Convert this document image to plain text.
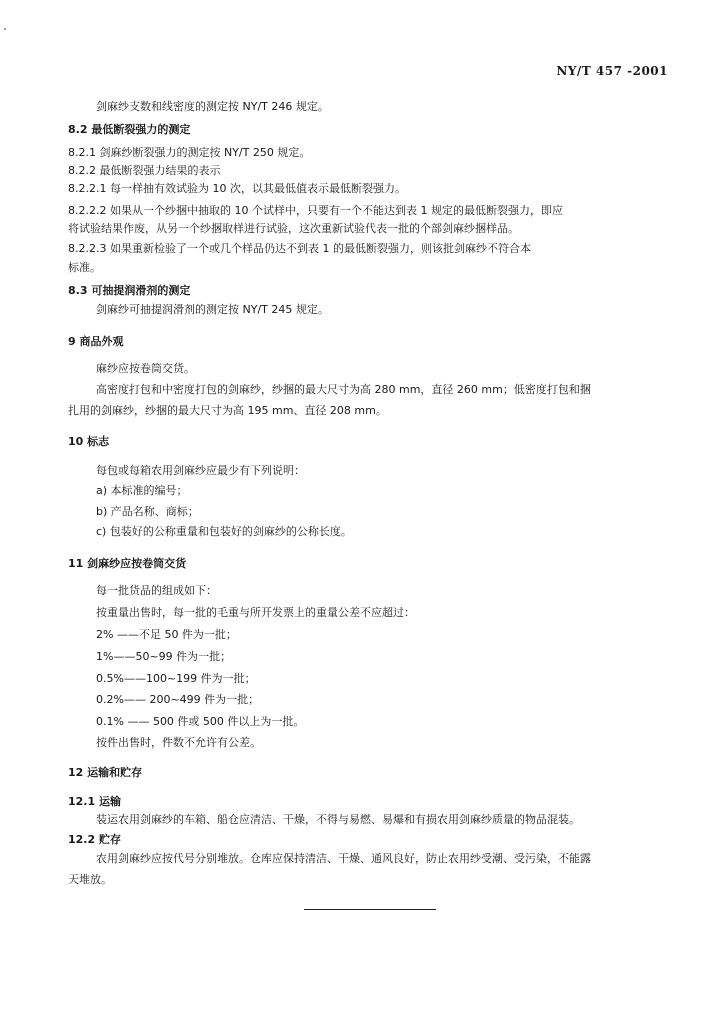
NY/T 457 -2001
剑麻纱支数和线密度的测定按 NY/T 246 规定。
8.2 最低断裂强力的测定
8.2.1 剑麻纱断裂强力的测定按 NY/T 250 规定。
8.2.2 最低断裂强力结果的表示
8.2.2.1 每一样抽有效试验为 10 次，以其最低值表示最低断裂强力。
8.2.2.2 如果从一个纱捆中抽取的 10 个试样中，只要有一个不能达到表 1 规定的最低断裂强力，即应
将试验结果作废，从另一个纱捆取样进行试验，这次重新试验代表一批的个部剑麻纱捆样品。
8.2.2.3 如果重新检验了一个或几个样品仍达不到表 1 的最低断裂强力，则该批剑麻纱不符合本
标准。
8.3 可抽提润滑剂的测定
剑麻纱可抽提润滑剂的测定按 NY/T 245 规定。
9 商品外观
麻纱应按卷筒交货。
高密度打包和中密度打包的剑麻纱，纱捆的最大尺寸为高 280 mm，直径 260 mm；低密度打包和捆
扎用的剑麻纱，纱捆的最大尺寸为高 195 mm、直径 208 mm。
10 标志
每包或每箱农用剑麻纱应最少有下列说明：
a) 本标准的编号；
b) 产品名称、商标；
c) 包装好的公称重量和包装好的剑麻纱的公称长度。
11 剑麻纱应按卷筒交货
每一批货品的组成如下：
按重量出售时，每一批的毛重与所开发票上的重量公差不应超过：
2% ——不足 50 件为一批；
1%——50~99 件为一批；
0.5%——100~199 件为一批；
0.2%—— 200~499 件为一批；
0.1% —— 500 件或 500 件以上为一批。
按件出售时，件数不允许有公差。
12 运输和贮存
12.1 运输
装运农用剑麻纱的车箱、船仓应清洁、干燥，不得与易燃、易爆和有损农用剑麻纱质量的物品混装。
12.2 贮存
农用剑麻纱应按代号分别堆放。仓库应保持清洁、干燥、通风良好，防止农用纱受潮、受污染，不能露
天堆放。
